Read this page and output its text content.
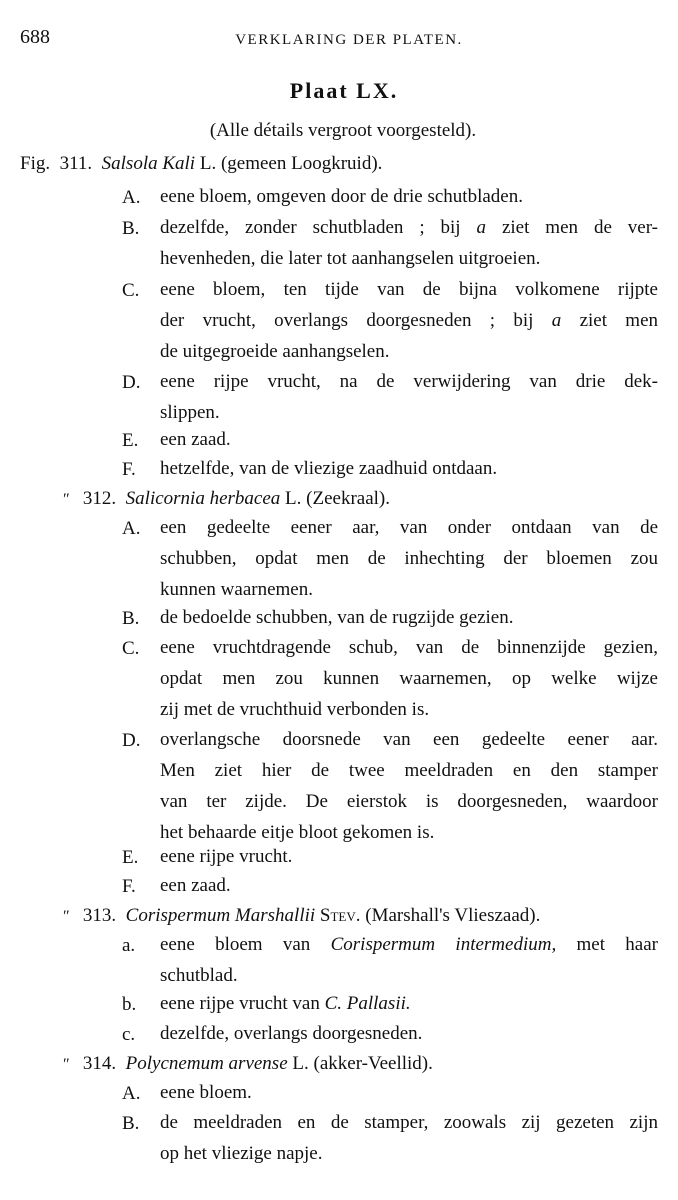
688	VERKLARING DER PLATEN.
Plaat LX.
(Alle détails vergroot voorgesteld).
Fig. 311. Salsola Kali L. (gemeen Loogkruid).
A. eene bloem, omgeven door de drie schutbladen.
B. dezelfde, zonder schutbladen ; bij a ziet men de ver-
hevenheden, die later tot aanhangselen uitgroeien.
C. eene bloem, ten tijde van de bijna volkomene rijpte
der vrucht, overlangs doorgesneden ; bij a ziet men
de uitgegroeide aanhangselen.
D. eene rijpe vrucht, na de verwijdering van drie dek-
slippen.
E. een zaad.
F. hetzelfde, van de vliezige zaadhuid ontdaan.
″ 312. Salicornia herbacea L. (Zeekraal).
A. een gedeelte eener aar, van onder ontdaan van de
schubben, opdat men de inhechting der bloemen zou
kunnen waarnemen.
B. de bedoelde schubben, van de rugzijde gezien.
C. eene vruchtdragende schub, van de binnenzijde gezien,
opdat men zou kunnen waarnemen, op welke wijze
zij met de vruchthuid verbonden is.
D. overlangsche doorsnede van een gedeelte eener aar.
Men ziet hier de twee meeldraden en den stamper
van ter zijde. De eierstok is doorgesneden, waardoor
het behaarde eitje bloot gekomen is.
E. eene rijpe vrucht.
F. een zaad.
″ 313. Corispermum Marshallii Stev. (Marshall's Vlieszaad).
a. eene bloem van Corispermum intermedium, met haar
schutblad.
b. eene rijpe vrucht van C. Pallasii.
c. dezelfde, overlangs doorgesneden.
″ 314. Polycnemum arvense L. (akker-Veellid).
A. eene bloem.
B. de meeldraden en de stamper, zoowals zij gezeten zijn
op het vliezige napje.
